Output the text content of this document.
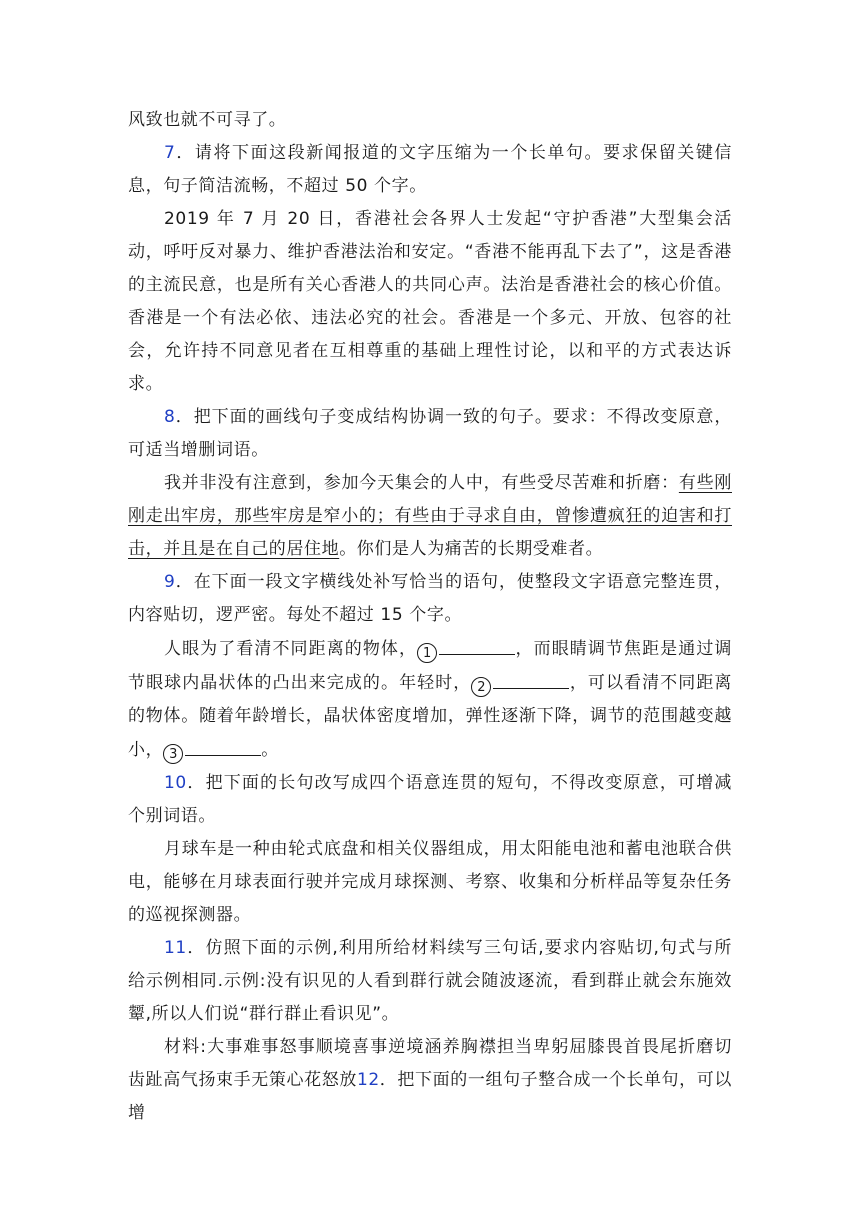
风致也就不可寻了。

7．请将下面这段新闻报道的文字压缩为一个长单句。要求保留关键信息，句子简洁流畅，不超过 50 个字。

2019 年 7 月 20 日，香港社会各界人士发起“守护香港”大型集会活动，呼吁反对暴力、维护香港法治和安定。“香港不能再乱下去了”，这是香港的主流民意，也是所有关心香港人的共同心声。法治是香港社会的核心价值。香港是一个有法必依、违法必究的社会。香港是一个多元、开放、包容的社会，允许持不同意见者在互相尊重的基础上理性讨论，以和平的方式表达诉求。

8．把下面的画线句子变成结构协调一致的句子。要求：不得改变原意，可适当增删词语。

我并非没有注意到，参加今天集会的人中，有些受尽苦难和折磨：有些刚刚走出牢房，那些牢房是窄小的；有些由于寻求自由，曾惨遭疯狂的迫害和打击，并且是在自己的居住地。你们是人为痛苦的长期受难者。

9．在下面一段文字横线处补写恰当的语句，使整段文字语意完整连贯，内容贴切，逻严密。每处不超过 15 个字。

人眼为了看清不同距离的物体， 1	，而眼睛调节焦距是通过调节眼球内晶状体的凸出来完成的。年轻时， 2	，可以看清不同距离的物体。随着年龄增长，晶状体密度增加，弹性逐渐下降，调节的范围越变越小， 3	。

10．把下面的长句改写成四个语意连贯的短句，不得改变原意，可增减个别词语。

月球车是一种由轮式底盘和相关仪器组成，用太阳能电池和蓄电池联合供电，能够在月球表面行驶并完成月球探测、考察、收集和分析样品等复杂任务的巡视探测器。

11．仿照下面的示例,利用所给材料续写三句话,要求内容贴切,句式与所给示例相同.示例:没有识见的人看到群行就会随波逐流，看到群止就会东施效颦,所以人们说“群行群止看识见”。

材料:大事难事怒事顺境喜事逆境涵养胸襟担当卑躬屈膝畏首畏尾折磨切齿趾高气扬束手无策心花怒放12．把下面的一组句子整合成一个长单句，可以增
